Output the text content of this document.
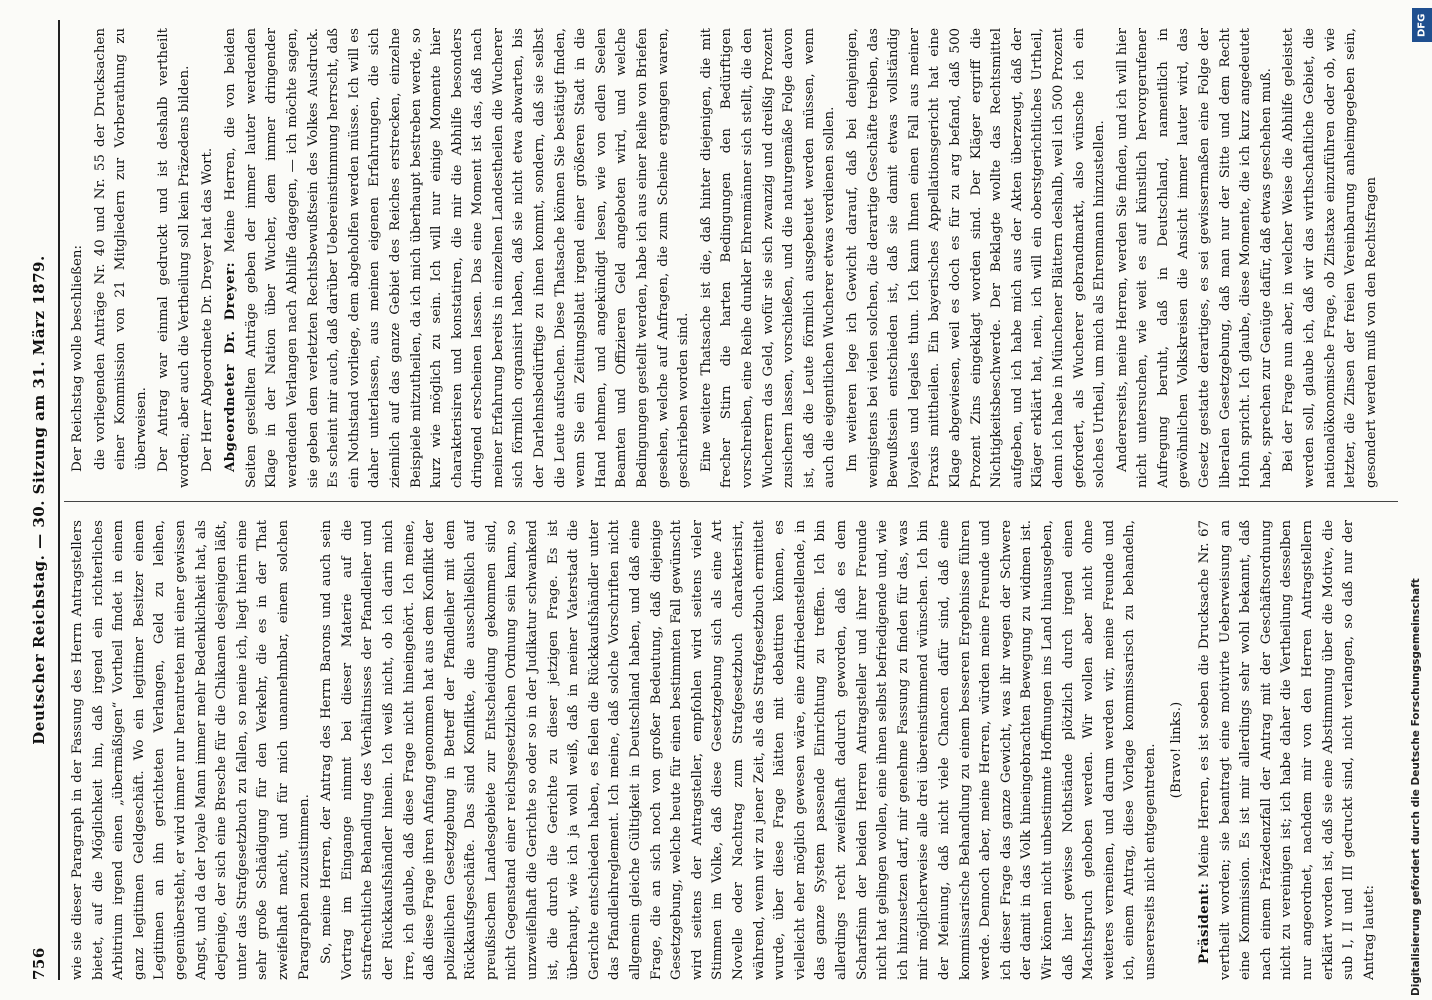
756
Deutscher Reichstag. — 30. Sitzung am 31. März 1879.

wie sie dieser Paragraph in der Fassung des Herrn Antragstellers bietet, auf die Möglichkeit hin, daß irgend ein richterliches Arbitrium irgend einen „übermäßigen“ Vortheil findet in einem ganz legitimen Geldgeschäft. Wo ein legitimer Besitzer einem Legitimen an ihn gerichteten Verlangen, Geld zu leihen, gegenübersteht, er wird immer nur herantreten mit einer gewissen Angst, und da der loyale Mann immer mehr Bedenklichkeit hat, als derjenige, der sich eine Bresche für die Chikanen desjenigen läßt, unter das Strafgesetzbuch zu fallen, so meine ich, liegt hierin eine sehr große Schädigung für den Verkehr, die es in der That zweifelhaft macht, und für mich unannehmbar, einem solchen Paragraphen zuzustimmen. So, meine Herren, der Antrag des Herrn Barons und auch sein Vortrag im Eingange nimmt bei dieser Materie auf die strafrechtliche Behandlung des Verhältnisses der Pfandleiher und der Rückkaufshändler hinein. Ich weiß nicht, ob ich darin mich irre, ich glaube, daß diese Frage nicht hineingehört. Ich meine, daß diese Frage ihren Anfang genommen hat aus dem Konflikt der polizeilichen Gesetzgebung in Betreff der Pfandleiher mit dem Rückkaufsgeschäfte. Das sind Konflikte, die ausschließlich auf preußischem Landesgebiete zur Entscheidung gekommen sind, nicht Gegenstand einer reichsgesetzlichen Ordnung sein kann, so unzweifelhaft die Gerichte so oder so in der Judikatur schwankend ist, die durch die Gerichte zu dieser jetzigen Frage. Es ist überhaupt, wie ich ja wohl weiß, daß in meiner Vaterstadt die Gerichte entschieden haben, es fielen die Rückkaufshändler unter das Pfandleihreglement. Ich meine, daß solche Vorschriften nicht allgemein gleiche Gültigkeit in Deutschland haben, und daß eine Frage, die an sich noch von großer Bedeutung, daß diejenige Gesetzgebung, welche heute für einen bestimmten Fall gewünscht wird seitens der Antragsteller, empfohlen wird seitens vieler Stimmen im Volke, daß diese Gesetzgebung sich als eine Art Novelle oder Nachtrag zum Strafgesetzbuch charakterisirt, während, wenn wir zu jener Zeit, als das Strafgesetzbuch ermittelt wurde, über diese Frage hätten mit debattiren können, es vielleicht eher möglich gewesen wäre, eine zufriedenstellende, in das ganze System passende Einrichtung zu treffen. Ich bin allerdings recht zweifelhaft dadurch geworden, daß es dem Scharfsinn der beiden Herren Antragsteller und ihrer Freunde nicht hat gelingen wollen, eine ihnen selbst befriedigende und, wie ich hinzusetzen darf, mir genehme Fassung zu finden für das, was mir möglicherweise alle drei übereinstimmend wünschen. Ich bin der Meinung, daß nicht viele Chancen dafür sind, daß eine kommissarische Behandlung zu einem besseren Ergebnisse führen werde. Dennoch aber, meine Herren, würden meine Freunde und ich dieser Frage das ganze Gewicht, was ihr wegen der Schwere der damit in das Volk hineingebrachten Bewegung zu widmen ist. Wir können nicht unbestimmte Hoffnungen ins Land hinausgeben, daß hier gewisse Nothstände plötzlich durch irgend einen Machtspruch gehoben werden. Wir wollen aber nicht ohne weiteres verneinen, und darum werden wir, meine Freunde und ich, einem Antrag, diese Vorlage kommissarisch zu behandeln, unsererseits nicht entgegentreten. (Bravo! links.)

Präsident: Meine Herren, es ist soeben die Drucksache Nr. 67 vertheilt worden; sie beantragt eine motivirte Ueberweisung an eine Kommission. Es ist mir allerdings sehr wohl bekannt, daß nach einem Präzedenzfall der Antrag mit der Geschäftsordnung nicht zu vereinigen ist; ich habe daher die Vertheilung desselben nur angeordnet, nachdem mir von den Herren Antragstellern erklärt worden ist, daß sie eine Abstimmung über die Motive, die sub I, II und III gedruckt sind, nicht verlangen, so daß nur der Antrag lautet:

Der Reichstag wolle beschließen: die vorliegenden Anträge Nr. 40 und Nr. 55 der Drucksachen einer Kommission von 21 Mitgliedern zur Vorberathung zu überweisen. Der Antrag war einmal gedruckt und ist deshalb vertheilt worden; aber auch die Vertheilung soll kein Präzedens bilden. Der Herr Abgeordnete Dr. Dreyer hat das Wort. Abgeordneter Dr. Dreyer: Meine Herren, die von beiden Seiten gestellten Anträge geben der immer lauter werdenden Klage in der Nation über Wucher, dem immer dringender werdenden Verlangen nach Abhilfe dagegen, — ich möchte sagen, sie geben dem verletzten Rechtsbewußtsein des Volkes Ausdruck. Es scheint mir auch, daß darüber Uebereinstimmung herrscht, daß ein Nothstand vorliege, dem abgeholfen werden müsse. Ich will es daher unterlassen, aus meinen eigenen Erfahrungen, die sich ziemlich auf das ganze Gebiet des Reiches erstrecken, einzelne Beispiele mitzutheilen, da ich mich überhaupt bestreben werde, so kurz wie möglich zu sein. Ich will nur einige Momente hier charakterisiren und konstatiren, die mir die Abhilfe besonders dringend erscheinen lassen. Das eine Moment ist das, daß nach meiner Erfahrung bereits in einzelnen Landestheilen die Wucherer sich förmlich organisirt haben, daß sie nicht etwa abwarten, bis der Darlehnsbedürftige zu ihnen kommt, sondern, daß sie selbst die Leute aufsuchen. Diese Thatsache können Sie bestätigt finden, wenn Sie ein Zeitungsblatt irgend einer größeren Stadt in die Hand nehmen, und angekündigt lesen, wie von edlen Seelen Beamten und Offizieren Geld angeboten wird, und welche Bedingungen gestellt werden, habe ich aus einer Reihe von Briefen gesehen, welche auf Anfragen, die zum Scheine ergangen waren, geschrieben worden sind. Eine weitere Thatsache ist die, daß hinter diejenigen, die mit frecher Stirn die harten Bedingungen den Bedürftigen vorschreiben, eine Reihe dunkler Ehrenmänner sich stellt, die den Wucherern das Geld, wofür sie sich zwanzig und dreißig Prozent zusichern lassen, vorschießen, und die naturgemäße Folge davon ist, daß die Leute förmlich ausgebeutet werden müssen, wenn auch die eigentlichen Wucherer etwas verdienen sollen. Im weiteren lege ich Gewicht darauf, daß bei denjenigen, wenigstens bei vielen solchen, die derartige Geschäfte treiben, das Bewußtsein entschieden ist, daß sie damit etwas vollständig loyales und legales thun. Ich kann Ihnen einen Fall aus meiner Praxis mittheilen. Ein bayerisches Appellationsgericht hat eine Klage abgewiesen, weil es doch es für zu arg befand, daß 500 Prozent Zins eingeklagt worden sind. Der Kläger ergriff die Nichtigkeitsbeschwerde. Der Beklagte wollte das Rechtsmittel aufgeben, und ich habe mich aus der Akten überzeugt, daß der Kläger erklärt hat, nein, ich will ein oberstgerichtliches Urtheil, denn ich habe in Münchener Blättern deshalb, weil ich 500 Prozent gefordert, als Wucherer gebrandmarkt, also wünsche ich ein solches Urtheil, um mich als Ehrenmann hinzustellen. Andererseits, meine Herren, werden Sie finden, und ich will hier nicht untersuchen, wie weit es auf künstlich hervorgerufener Aufregung beruht, daß in Deutschland, namentlich in gewöhnlichen Volkskreisen die Ansicht immer lauter wird, das Gesetz gestatte derartiges, es sei gewissermaßen eine Folge der liberalen Gesetzgebung, daß man nur der Sitte und dem Recht Hohn spricht. Ich glaube, diese Momente, die ich kurz angedeutet habe, sprechen zur Genüge dafür, daß etwas geschehen muß. Bei der Frage nun aber, in welcher Weise die Abhilfe geleistet werden soll, glaube ich, daß wir das wirthschaftliche Gebiet, die nationalökonomische Frage, ob Zinstaxe einzuführen oder ob, wie letzter, die Zinsen der freien Vereinbarung anheimgegeben sein, gesondert werden muß von den Rechtsfragen

Digitalisierung gefördert durch die Deutsche Forschungsgemeinschaft
DFG
